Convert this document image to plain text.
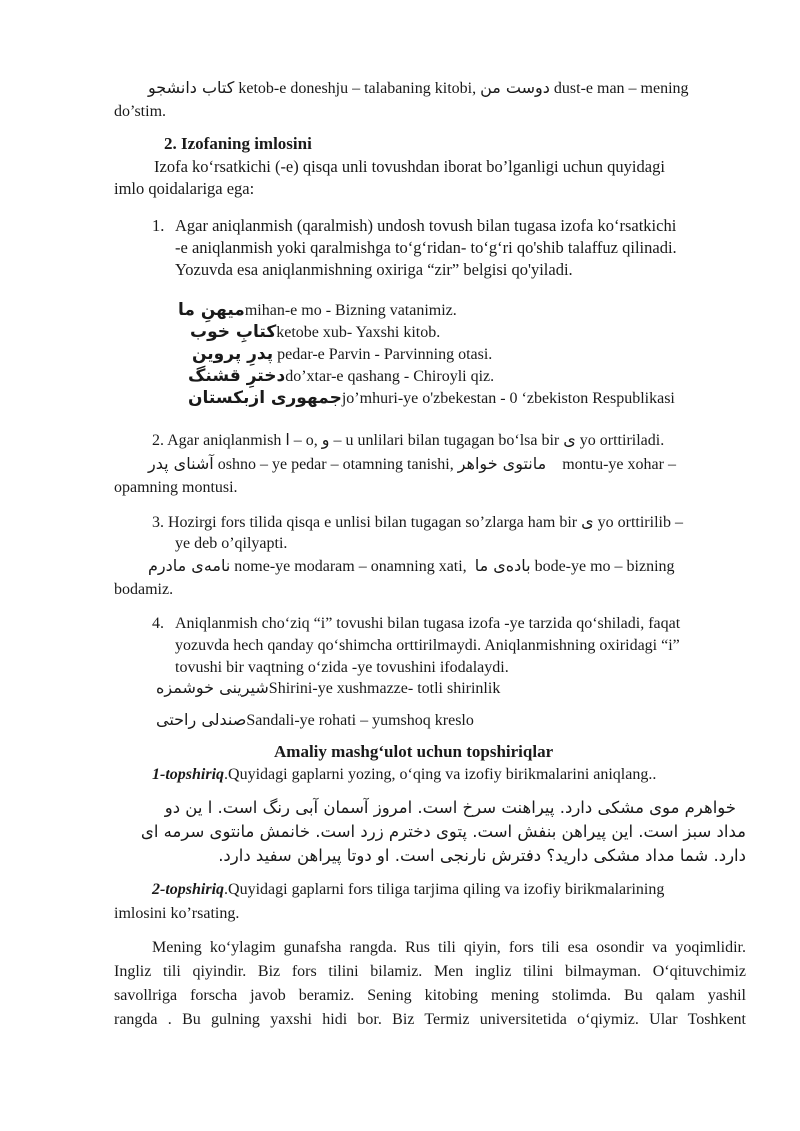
کتاب دانشجو ketob-e doneshju – talabaning kitobi, دوست من dust-e man – mening
do’stim.
2. Izofaning imlosini
Izofa ko‘rsatkichi (-e) qisqa unli tovushdan iborat bo’lganligi uchun quyidagi
imlo qoidalariga ega:
1. Agar aniqlanmish (qaralmish) undosh tovush bilan tugasa izofa ko‘rsatkichi
-e aniqlanmish yoki qaralmishga to‘g‘ridan- to‘g‘ri qo'shib talaffuz qilinadi.
Yozuvda esa aniqlanmishning oxiriga “zir” belgisi qo'yiladi.
میهنِ ماmihan-e mo - Bizning vatanimiz.
کتابِ خوبketobe xub- Yaxshi kitob.
پدرِ پروین pedar-e Parvin - Parvinning otasi.
دخترِ قشنگdo’xtar-e qashang - Chiroyli qiz.
جمهوری ازبکستانjo’mhuri-ye o'zbekestan - 0 ‘zbekiston Respublikasi
2. Agar aniqlanmish ا – o, و – u unlilari bilan tugagan bo‘lsa bir ی yo orttiriladi.
آشنای پدر oshno – ye pedar – otamning tanishi, مانتوی خواهر montu-ye xohar –
opamning montusi.
3. Hozirgi fors tilida qisqa e unlisi bilan tugagan so’zlarga ham bir ی yo orttirilib –
ye deb o’qilyapti.
نامه‌ی مادرم nome-ye modaram – onamning xati, باده‌ی ما bode-ye mo – bizning
bodamiz.
4. Aniqlanmish cho‘ziq “i” tovushi bilan tugasa izofa -ye tarzida qo‘shiladi, faqat
yozuvda hech qanday qo‘shimcha orttirilmaydi. Aniqlanmishning oxiridagi “i”
tovushi bir vaqtning o‘zida -ye tovushini ifodalaydi.
شیرینی خوشمزهShirini-ye xushmazze- totli shirinlik
صندلی راحتیSandali-ye rohati – yumshoq kreslo
Amaliy mashg‘ulot uchun topshiriqlar
1-topshiriq.Quyidagi gaplarni yozing, o‘qing va izofiy birikmalarini aniqlang..
خواهرم موی مشکی دارد. پیراهنت سرخ است. امروز آسمان آبی رنگ است. ا ین دو
مداد سبز است. این پیراهن بنفش است. پتوی دخترم زرد است. خانمش مانتوی سرمه ای
دارد. شما مداد مشکی دارید؟ دفترش نارنجی است. او دوتا پیراهن سفید دارد.
2-topshiriq.Quyidagi gaplarni fors tiliga tarjima qiling va izofiy birikmalarining
imlosini ko’rsating.
Mening ko‘ylagim gunafsha rangda. Rus tili qiyin, fors tili esa osondir va yoqimlidir.
Ingliz tili qiyindir. Biz fors tilini bilamiz. Men ingliz tilini bilmayman. O‘qituvchimiz
savollriga forscha javob beramiz. Sening kitobing mening stolimda. Bu qalam yashil
rangda . Bu gulning yaxshi hidi bor. Biz Termiz universitetida o‘qiymiz. Ular Toshkent
